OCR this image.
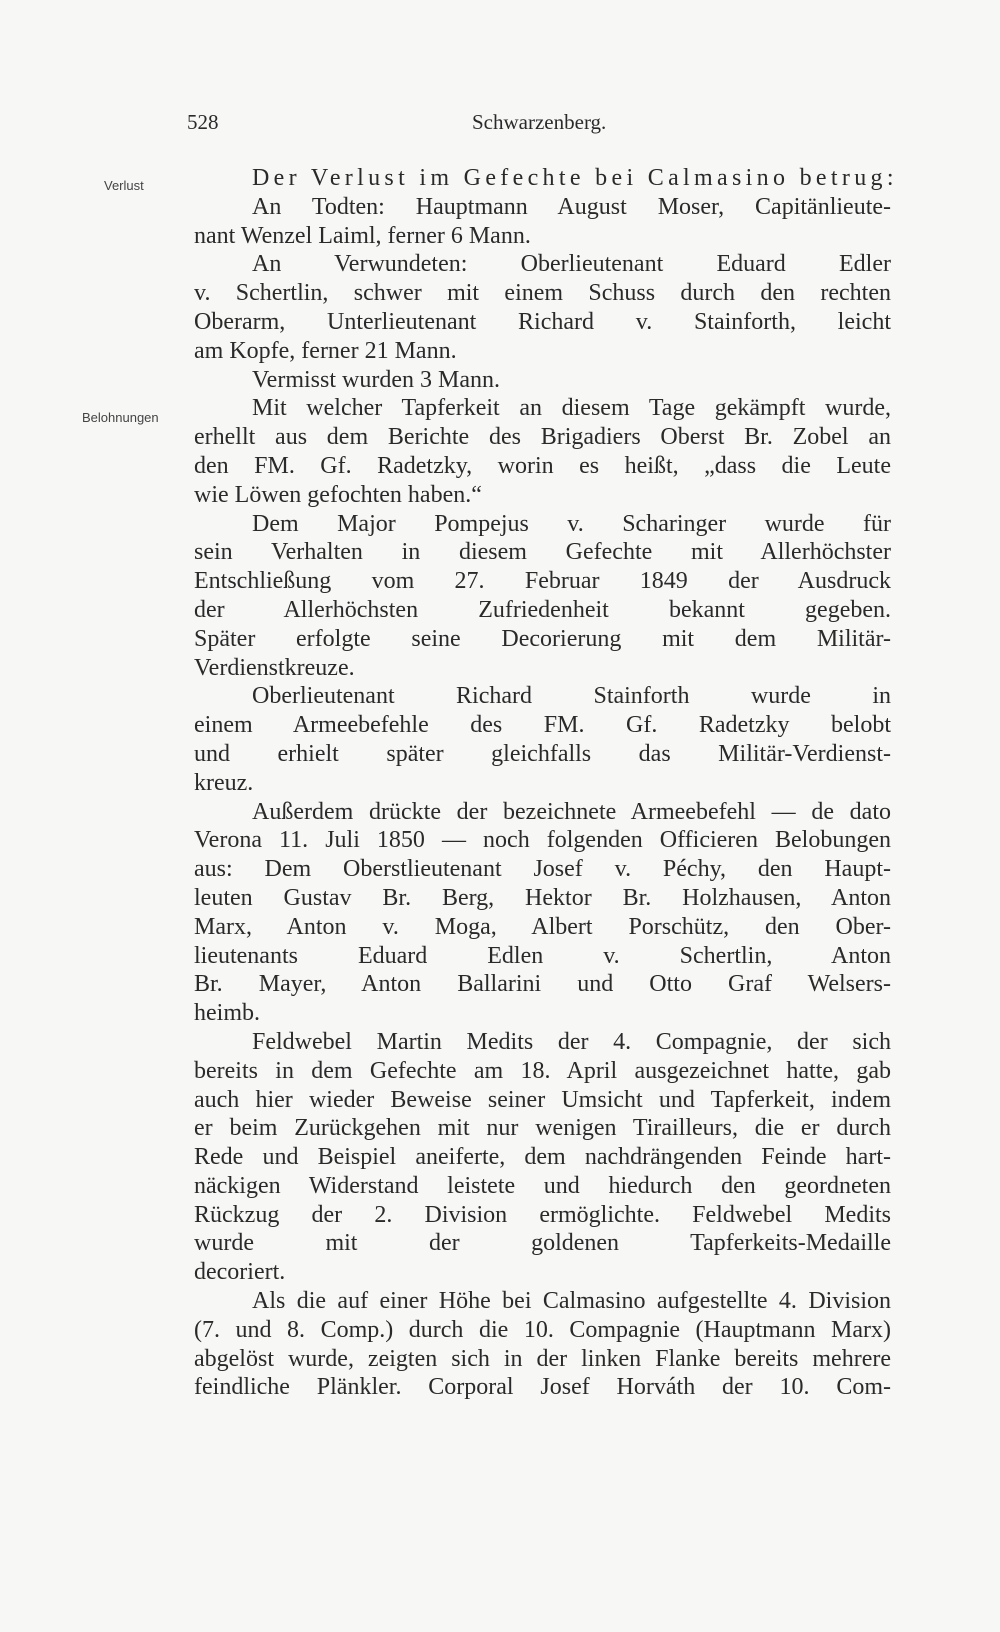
528	Schwarzenberg.
Verlust
Belohnungen
Der Verlust im Gefechte bei Calmasino betrug:
An Todten: Hauptmann August Moser, Capitänlieute-
nant Wenzel Laiml, ferner 6 Mann.
An Verwundeten: Oberlieutenant Eduard Edler
v. Schertlin, schwer mit einem Schuss durch den rechten
Oberarm, Unterlieutenant Richard v. Stainforth, leicht
am Kopfe, ferner 21 Mann.
Vermisst wurden 3 Mann.
Mit welcher Tapferkeit an diesem Tage gekämpft wurde,
erhellt aus dem Berichte des Brigadiers Oberst Br. Zobel an
den FM. Gf. Radetzky, worin es heißt, „dass die Leute
wie Löwen gefochten haben.“
Dem Major Pompejus v. Scharinger wurde für
sein Verhalten in diesem Gefechte mit Allerhöchster
Entschließung vom 27. Februar 1849 der Ausdruck
der Allerhöchsten Zufriedenheit bekannt gegeben.
Später erfolgte seine Decorierung mit dem Militär-
Verdienstkreuze.
Oberlieutenant Richard Stainforth wurde in
einem Armeebefehle des FM. Gf. Radetzky belobt
und erhielt später gleichfalls das Militär-Verdienst-
kreuz.
Außerdem drückte der bezeichnete Armeebefehl — de dato
Verona 11. Juli 1850 — noch folgenden Officieren Belobungen
aus: Dem Oberstlieutenant Josef v. Péchy, den Haupt-
leuten Gustav Br. Berg, Hektor Br. Holzhausen, Anton
Marx, Anton v. Moga, Albert Porschütz, den Ober-
lieutenants Eduard Edlen v. Schertlin, Anton
Br. Mayer, Anton Ballarini und Otto Graf Welsers-
heimb.
Feldwebel Martin Medits der 4. Compagnie, der sich
bereits in dem Gefechte am 18. April ausgezeichnet hatte, gab
auch hier wieder Beweise seiner Umsicht und Tapferkeit, indem
er beim Zurückgehen mit nur wenigen Tirailleurs, die er durch
Rede und Beispiel aneiferte, dem nachdrängenden Feinde hart-
näckigen Widerstand leistete und hiedurch den geordneten
Rückzug der 2. Division ermöglichte. Feldwebel Medits
wurde mit der goldenen Tapferkeits-Medaille
decoriert.
Als die auf einer Höhe bei Calmasino aufgestellte 4. Division
(7. und 8. Comp.) durch die 10. Compagnie (Hauptmann Marx)
abgelöst wurde, zeigten sich in der linken Flanke bereits mehrere
feindliche Plänkler. Corporal Josef Horváth der 10. Com-
